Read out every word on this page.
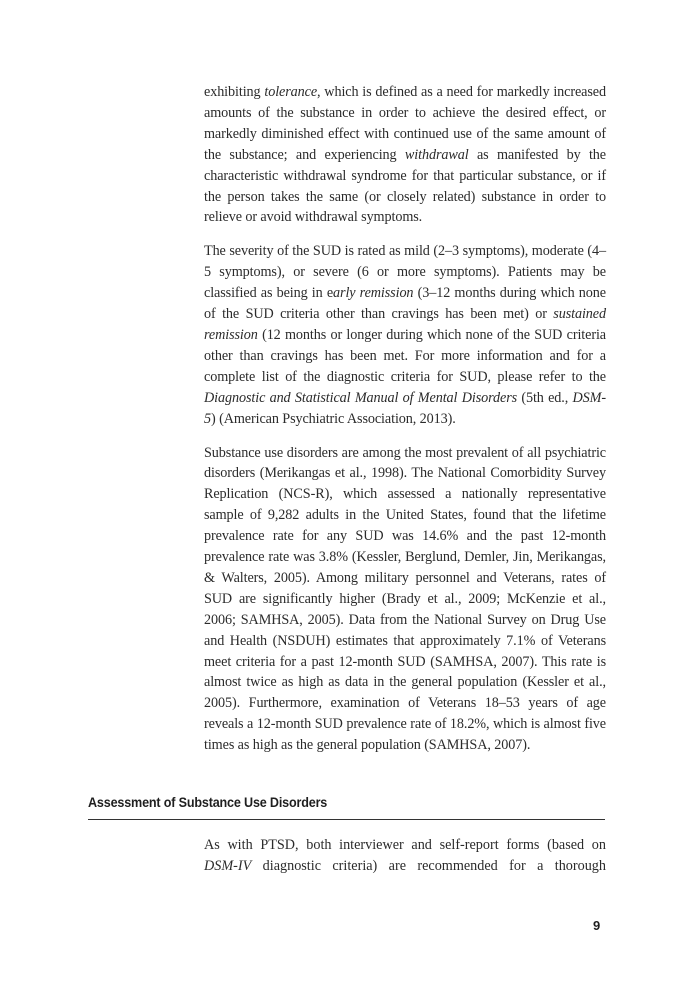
exhibiting tolerance, which is defined as a need for markedly increased amounts of the substance in order to achieve the desired effect, or markedly diminished effect with continued use of the same amount of the substance; and experiencing withdrawal as manifested by the characteristic withdrawal syndrome for that particular substance, or if the person takes the same (or closely related) substance in order to relieve or avoid withdrawal symptoms.

The severity of the SUD is rated as mild (2–3 symptoms), moderate (4–5 symptoms), or severe (6 or more symptoms). Patients may be classified as being in early remission (3–12 months during which none of the SUD criteria other than cravings has been met) or sustained remission (12 months or longer during which none of the SUD criteria other than cravings has been met. For more information and for a complete list of the diagnostic criteria for SUD, please refer to the Diagnostic and Statistical Manual of Mental Disorders (5th ed., DSM-5) (American Psychiatric Association, 2013).

Substance use disorders are among the most prevalent of all psychiatric disorders (Merikangas et al., 1998). The National Comorbidity Survey Replication (NCS-R), which assessed a nationally representative sample of 9,282 adults in the United States, found that the lifetime prevalence rate for any SUD was 14.6% and the past 12-month prevalence rate was 3.8% (Kessler, Berglund, Demler, Jin, Merikangas, & Walters, 2005). Among military personnel and Veterans, rates of SUD are significantly higher (Brady et al., 2009; McKenzie et al., 2006; SAMHSA, 2005). Data from the National Survey on Drug Use and Health (NSDUH) estimates that approximately 7.1% of Veterans meet criteria for a past 12-month SUD (SAMHSA, 2007). This rate is almost twice as high as data in the general population (Kessler et al., 2005). Furthermore, examination of Veterans 18–53 years of age reveals a 12-month SUD prevalence rate of 18.2%, which is almost five times as high as the general population (SAMHSA, 2007).

Assessment of Substance Use Disorders
As with PTSD, both interviewer and self-report forms (based on DSM-IV diagnostic criteria) are recommended for a thorough
9
